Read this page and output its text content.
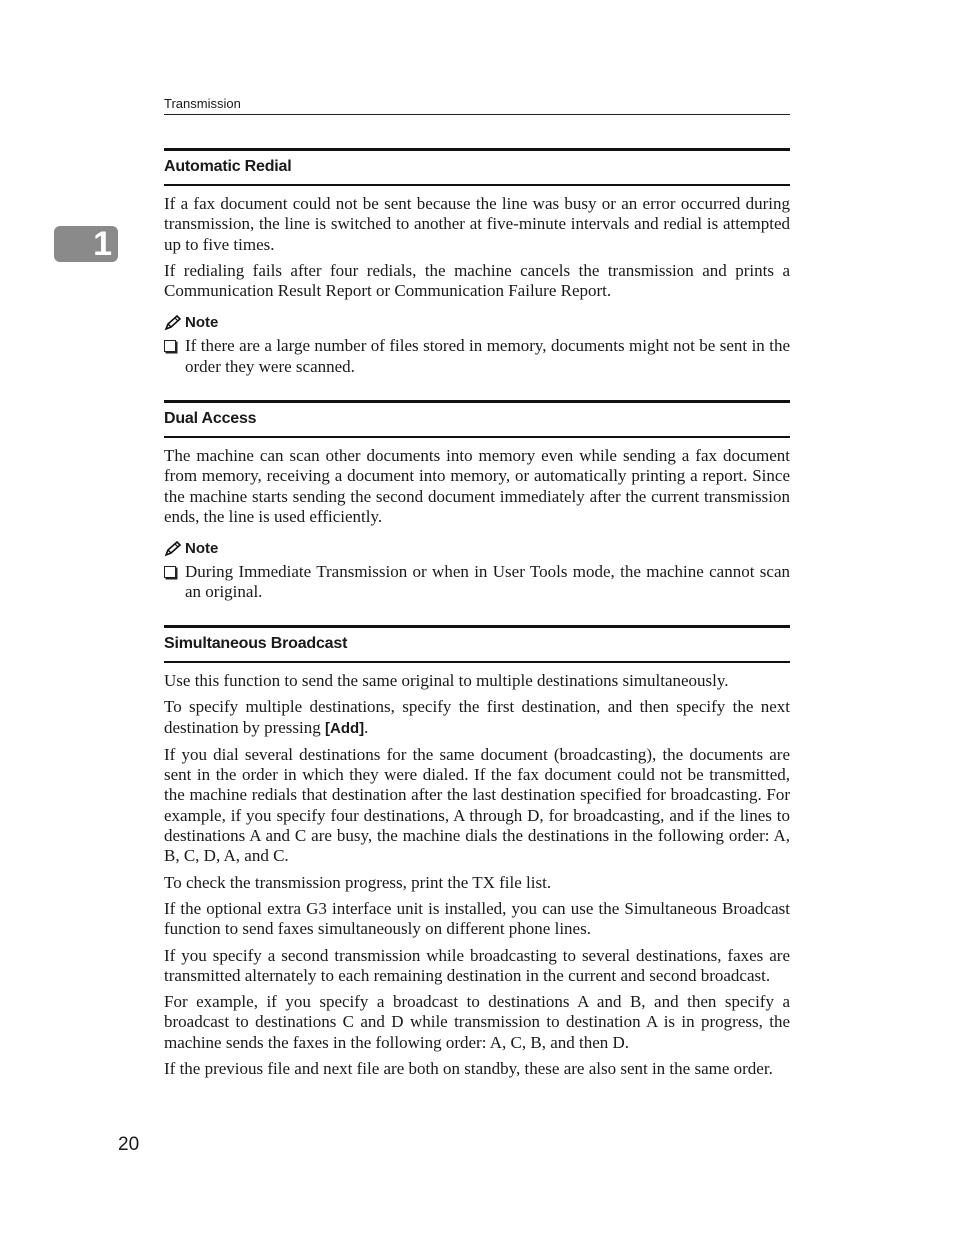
Transmission
1
Automatic Redial

If a fax document could not be sent because the line was busy or an error occurred during transmission, the line is switched to another at five-minute intervals and redial is attempted up to five times.

If redialing fails after four redials, the machine cancels the transmission and prints a Communication Result Report or Communication Failure Report.

Note
If there are a large number of files stored in memory, documents might not be sent in the order they were scanned.
Dual Access

The machine can scan other documents into memory even while sending a fax document from memory, receiving a document into memory, or automatically printing a report. Since the machine starts sending the second document immediately after the current transmission ends, the line is used efficiently.

Note
During Immediate Transmission or when in User Tools mode, the machine cannot scan an original.
Simultaneous Broadcast

Use this function to send the same original to multiple destinations simultaneously.

To specify multiple destinations, specify the first destination, and then specify the next destination by pressing [Add].

If you dial several destinations for the same document (broadcasting), the documents are sent in the order in which they were dialed. If the fax document could not be transmitted, the machine redials that destination after the last destination specified for broadcasting. For example, if you specify four destinations, A through D, for broadcasting, and if the lines to destinations A and C are busy, the machine dials the destinations in the following order: A, B, C, D, A, and C.

To check the transmission progress, print the TX file list.

If the optional extra G3 interface unit is installed, you can use the Simultaneous Broadcast function to send faxes simultaneously on different phone lines.

If you specify a second transmission while broadcasting to several destinations, faxes are transmitted alternately to each remaining destination in the current and second broadcast.

For example, if you specify a broadcast to destinations A and B, and then specify a broadcast to destinations C and D while transmission to destination A is in progress, the machine sends the faxes in the following order: A, C, B, and then D.

If the previous file and next file are both on standby, these are also sent in the same order.

20
